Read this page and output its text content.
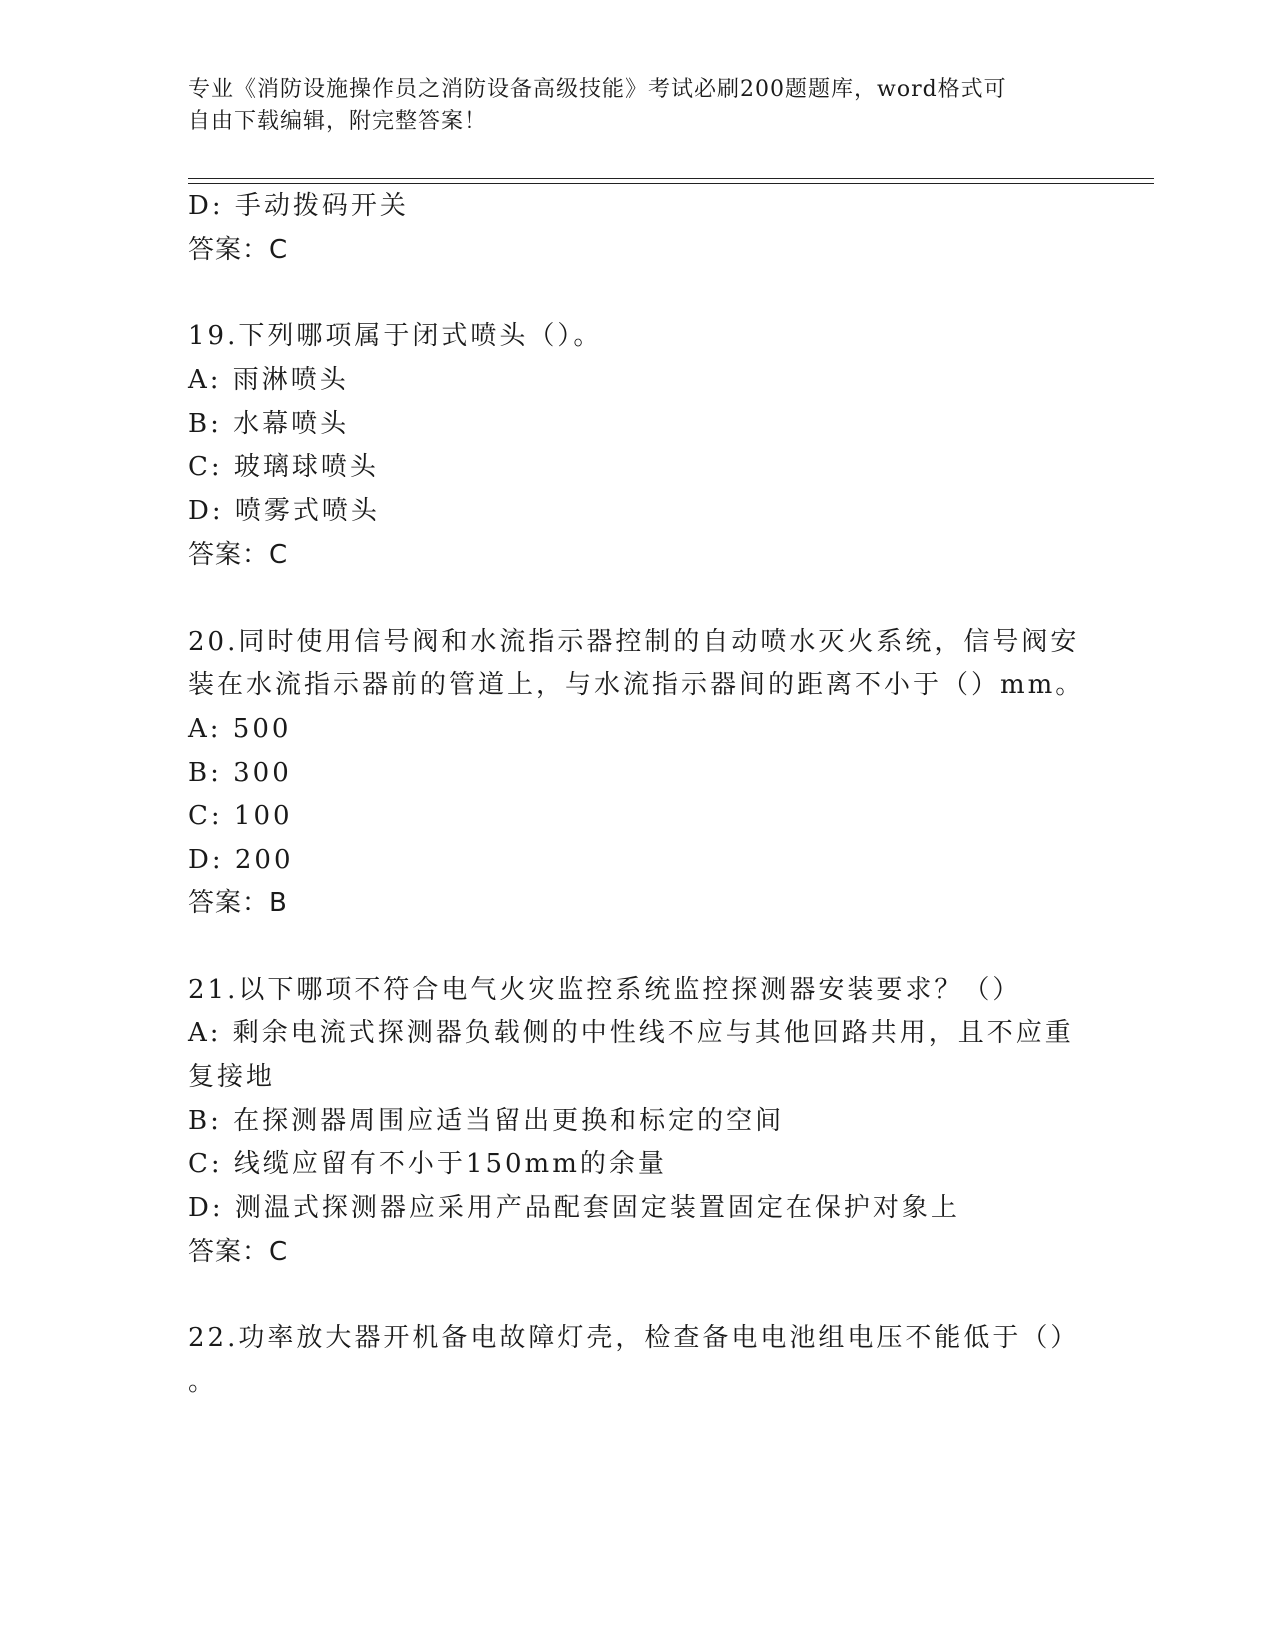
专业《消防设施操作员之消防设备高级技能》考试必刷200题题库，word格式可
自由下载编辑，附完整答案！

D: 手动拨码开关

答案：C

19.下列哪项属于闭式喷头（）。

A: 雨淋喷头

B: 水幕喷头

C: 玻璃球喷头

D: 喷雾式喷头

答案：C

20.同时使用信号阀和水流指示器控制的自动喷水灭火系统，信号阀安

装在水流指示器前的管道上，与水流指示器间的距离不小于（）mm。

A: 500

B: 300

C: 100

D: 200

答案：B

21.以下哪项不符合电气火灾监控系统监控探测器安装要求？（）

A: 剩余电流式探测器负载侧的中性线不应与其他回路共用，且不应重

复接地

B: 在探测器周围应适当留出更换和标定的空间

C: 线缆应留有不小于150mm的余量

D: 测温式探测器应采用产品配套固定装置固定在保护对象上

答案：C

22.功率放大器开机备电故障灯壳，检查备电电池组电压不能低于（）

。
